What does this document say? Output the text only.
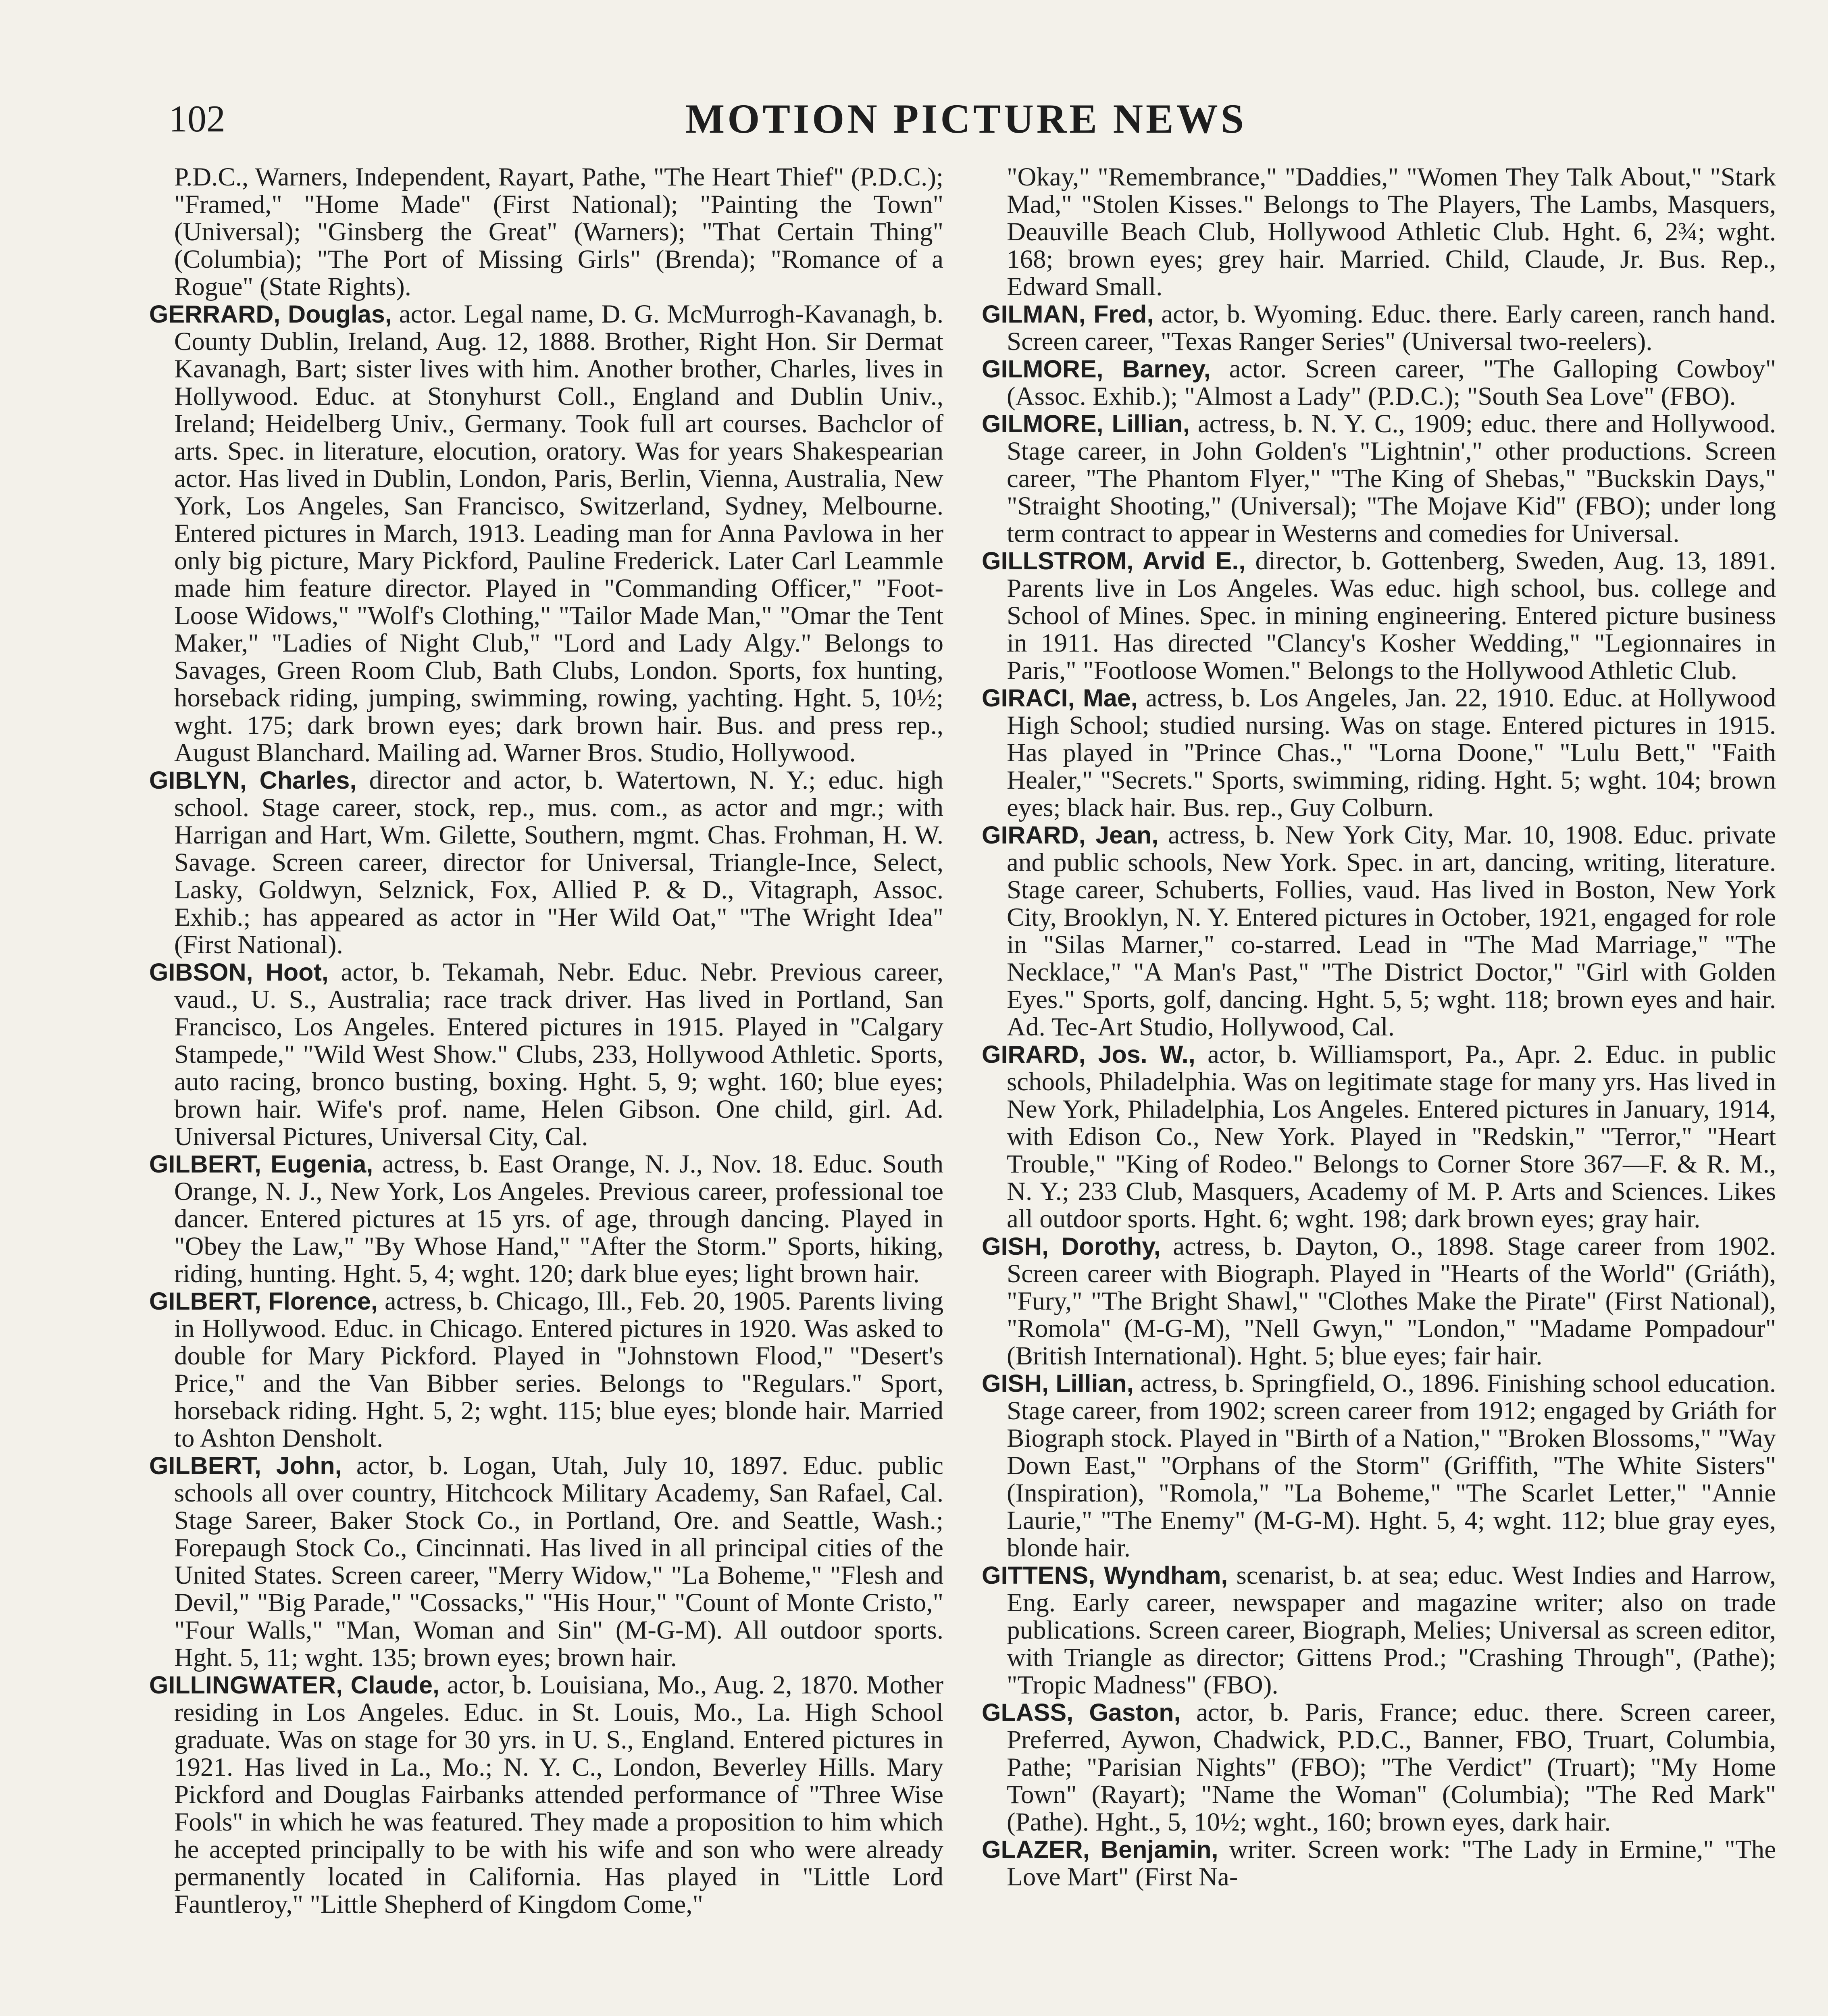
102	MOTION PICTURE NEWS

P.D.C., Warners, Independent, Rayart, Pathe, "The Heart Thief" (P.D.C.); "Framed," "Home Made" (First National); "Painting the Town" (Universal); "Ginsberg the Great" (Warners); "That Certain Thing" (Columbia); "The Port of Missing Girls" (Brenda); "Romance of a Rogue" (State Rights).

GERRARD, Douglas, actor. Legal name, D. G. McMurrogh-Kavanagh, b. County Dublin, Ireland, Aug. 12, 1888. Brother, Right Hon. Sir Dermat Kavanagh, Bart; sister lives with him. Another brother, Charles, lives in Hollywood. Educ. at Stonyhurst Coll., England and Dublin Univ., Ireland; Heidelberg Univ., Germany. Took full art courses. Bachclor of arts. Spec. in literature, elocution, oratory. Was for years Shakespearian actor. Has lived in Dublin, London, Paris, Berlin, Vienna, Australia, New York, Los Angeles, San Francisco, Switzerland, Sydney, Melbourne. Entered pictures in March, 1913. Leading man for Anna Pavlowa in her only big picture, Mary Pickford, Pauline Frederick. Later Carl Leammle made him feature director. Played in "Commanding Officer," "Foot-Loose Widows," "Wolf's Clothing," "Tailor Made Man," "Omar the Tent Maker," "Ladies of Night Club," "Lord and Lady Algy." Belongs to Savages, Green Room Club, Bath Clubs, London. Sports, fox hunting, horseback riding, jumping, swimming, rowing, yachting. Hght. 5, 10½; wght. 175; dark brown eyes; dark brown hair. Bus. and press rep., August Blanchard. Mailing ad. Warner Bros. Studio, Hollywood.

GIBLYN, Charles, director and actor, b. Watertown, N. Y.; educ. high school. Stage career, stock, rep., mus. com., as actor and mgr.; with Harrigan and Hart, Wm. Gilette, Southern, mgmt. Chas. Frohman, H. W. Savage. Screen career, director for Universal, Triangle-Ince, Select, Lasky, Goldwyn, Selznick, Fox, Allied P. & D., Vitagraph, Assoc. Exhib.; has appeared as actor in "Her Wild Oat," "The Wright Idea" (First National).

GIBSON, Hoot, actor, b. Tekamah, Nebr. Educ. Nebr. Previous career, vaud., U. S., Australia; race track driver. Has lived in Portland, San Francisco, Los Angeles. Entered pictures in 1915. Played in "Calgary Stampede," "Wild West Show." Clubs, 233, Hollywood Athletic. Sports, auto racing, bronco busting, boxing. Hght. 5, 9; wght. 160; blue eyes; brown hair. Wife's prof. name, Helen Gibson. One child, girl. Ad. Universal Pictures, Universal City, Cal.

GILBERT, Eugenia, actress, b. East Orange, N. J., Nov. 18. Educ. South Orange, N. J., New York, Los Angeles. Previous career, professional toe dancer. Entered pictures at 15 yrs. of age, through dancing. Played in "Obey the Law," "By Whose Hand," "After the Storm." Sports, hiking, riding, hunting. Hght. 5, 4; wght. 120; dark blue eyes; light brown hair.

GILBERT, Florence, actress, b. Chicago, Ill., Feb. 20, 1905. Parents living in Hollywood. Educ. in Chicago. Entered pictures in 1920. Was asked to double for Mary Pickford. Played in "Johnstown Flood," "Desert's Price," and the Van Bibber series. Belongs to "Regulars." Sport, horseback riding. Hght. 5, 2; wght. 115; blue eyes; blonde hair. Married to Ashton Densholt.

GILBERT, John, actor, b. Logan, Utah, July 10, 1897. Educ. public schools all over country, Hitchcock Military Academy, San Rafael, Cal. Stage Sareer, Baker Stock Co., in Portland, Ore. and Seattle, Wash.; Forepaugh Stock Co., Cincinnati. Has lived in all principal cities of the United States. Screen career, "Merry Widow," "La Boheme," "Flesh and Devil," "Big Parade," "Cossacks," "His Hour," "Count of Monte Cristo," "Four Walls," "Man, Woman and Sin" (M-G-M). All outdoor sports. Hght. 5, 11; wght. 135; brown eyes; brown hair.

GILLINGWATER, Claude, actor, b. Louisiana, Mo., Aug. 2, 1870. Mother residing in Los Angeles. Educ. in St. Louis, Mo., La. High School graduate. Was on stage for 30 yrs. in U. S., England. Entered pictures in 1921. Has lived in La., Mo.; N. Y. C., London, Beverley Hills. Mary Pickford and Douglas Fairbanks attended performance of "Three Wise Fools" in which he was featured. They made a proposition to him which he accepted principally to be with his wife and son who were already permanently located in California. Has played in "Little Lord Fauntleroy," "Little Shepherd of Kingdom Come,"

"Okay," "Remembrance," "Daddies," "Women They Talk About," "Stark Mad," "Stolen Kisses." Belongs to The Players, The Lambs, Masquers, Deauville Beach Club, Hollywood Athletic Club. Hght. 6, 2¾; wght. 168; brown eyes; grey hair. Married. Child, Claude, Jr. Bus. Rep., Edward Small.

GILMAN, Fred, actor, b. Wyoming. Educ. there. Early careen, ranch hand. Screen career, "Texas Ranger Series" (Universal two-reelers).

GILMORE, Barney, actor. Screen career, "The Galloping Cowboy" (Assoc. Exhib.); "Almost a Lady" (P.D.C.); "South Sea Love" (FBO).

GILMORE, Lillian, actress, b. N. Y. C., 1909; educ. there and Hollywood. Stage career, in John Golden's "Lightnin'," other productions. Screen career, "The Phantom Flyer," "The King of Shebas," "Buckskin Days," "Straight Shooting," (Universal); "The Mojave Kid" (FBO); under long term contract to appear in Westerns and comedies for Universal.

GILLSTROM, Arvid E., director, b. Gottenberg, Sweden, Aug. 13, 1891. Parents live in Los Angeles. Was educ. high school, bus. college and School of Mines. Spec. in mining engineering. Entered picture business in 1911. Has directed "Clancy's Kosher Wedding," "Legionnaires in Paris," "Footloose Women." Belongs to the Hollywood Athletic Club.

GIRACI, Mae, actress, b. Los Angeles, Jan. 22, 1910. Educ. at Hollywood High School; studied nursing. Was on stage. Entered pictures in 1915. Has played in "Prince Chas.," "Lorna Doone," "Lulu Bett," "Faith Healer," "Secrets." Sports, swimming, riding. Hght. 5; wght. 104; brown eyes; black hair. Bus. rep., Guy Colburn.

GIRARD, Jean, actress, b. New York City, Mar. 10, 1908. Educ. private and public schools, New York. Spec. in art, dancing, writing, literature. Stage career, Schuberts, Follies, vaud. Has lived in Boston, New York City, Brooklyn, N. Y. Entered pictures in October, 1921, engaged for role in "Silas Marner," co-starred. Lead in "The Mad Marriage," "The Necklace," "A Man's Past," "The District Doctor," "Girl with Golden Eyes." Sports, golf, dancing. Hght. 5, 5; wght. 118; brown eyes and hair. Ad. Tec-Art Studio, Hollywood, Cal.

GIRARD, Jos. W., actor, b. Williamsport, Pa., Apr. 2. Educ. in public schools, Philadelphia. Was on legitimate stage for many yrs. Has lived in New York, Philadelphia, Los Angeles. Entered pictures in January, 1914, with Edison Co., New York. Played in "Redskin," "Terror," "Heart Trouble," "King of Rodeo." Belongs to Corner Store 367—F. & R. M., N. Y.; 233 Club, Masquers, Academy of M. P. Arts and Sciences. Likes all outdoor sports. Hght. 6; wght. 198; dark brown eyes; gray hair.

GISH, Dorothy, actress, b. Dayton, O., 1898. Stage career from 1902. Screen career with Biograph. Played in "Hearts of the World" (Griáth), "Fury," "The Bright Shawl," "Clothes Make the Pirate" (First National), "Romola" (M-G-M), "Nell Gwyn," "London," "Madame Pompadour" (British International). Hght. 5; blue eyes; fair hair.

GISH, Lillian, actress, b. Springfield, O., 1896. Finishing school education. Stage career, from 1902; screen career from 1912; engaged by Griáth for Biograph stock. Played in "Birth of a Nation," "Broken Blossoms," "Way Down East," "Orphans of the Storm" (Griffith, "The White Sisters" (Inspiration), "Romola," "La Boheme," "The Scarlet Letter," "Annie Laurie," "The Enemy" (M-G-M). Hght. 5, 4; wght. 112; blue gray eyes, blonde hair.

GITTENS, Wyndham, scenarist, b. at sea; educ. West Indies and Harrow, Eng. Early career, newspaper and magazine writer; also on trade publications. Screen career, Biograph, Melies; Universal as screen editor, with Triangle as director; Gittens Prod.; "Crashing Through", (Pathe); "Tropic Madness" (FBO).

GLASS, Gaston, actor, b. Paris, France; educ. there. Screen career, Preferred, Aywon, Chadwick, P.D.C., Banner, FBO, Truart, Columbia, Pathe; "Parisian Nights" (FBO); "The Verdict" (Truart); "My Home Town" (Rayart); "Name the Woman" (Columbia); "The Red Mark" (Pathe). Hght., 5, 10½; wght., 160; brown eyes, dark hair.

GLAZER, Benjamin, writer. Screen work: "The Lady in Ermine," "The Love Mart" (First Na-
